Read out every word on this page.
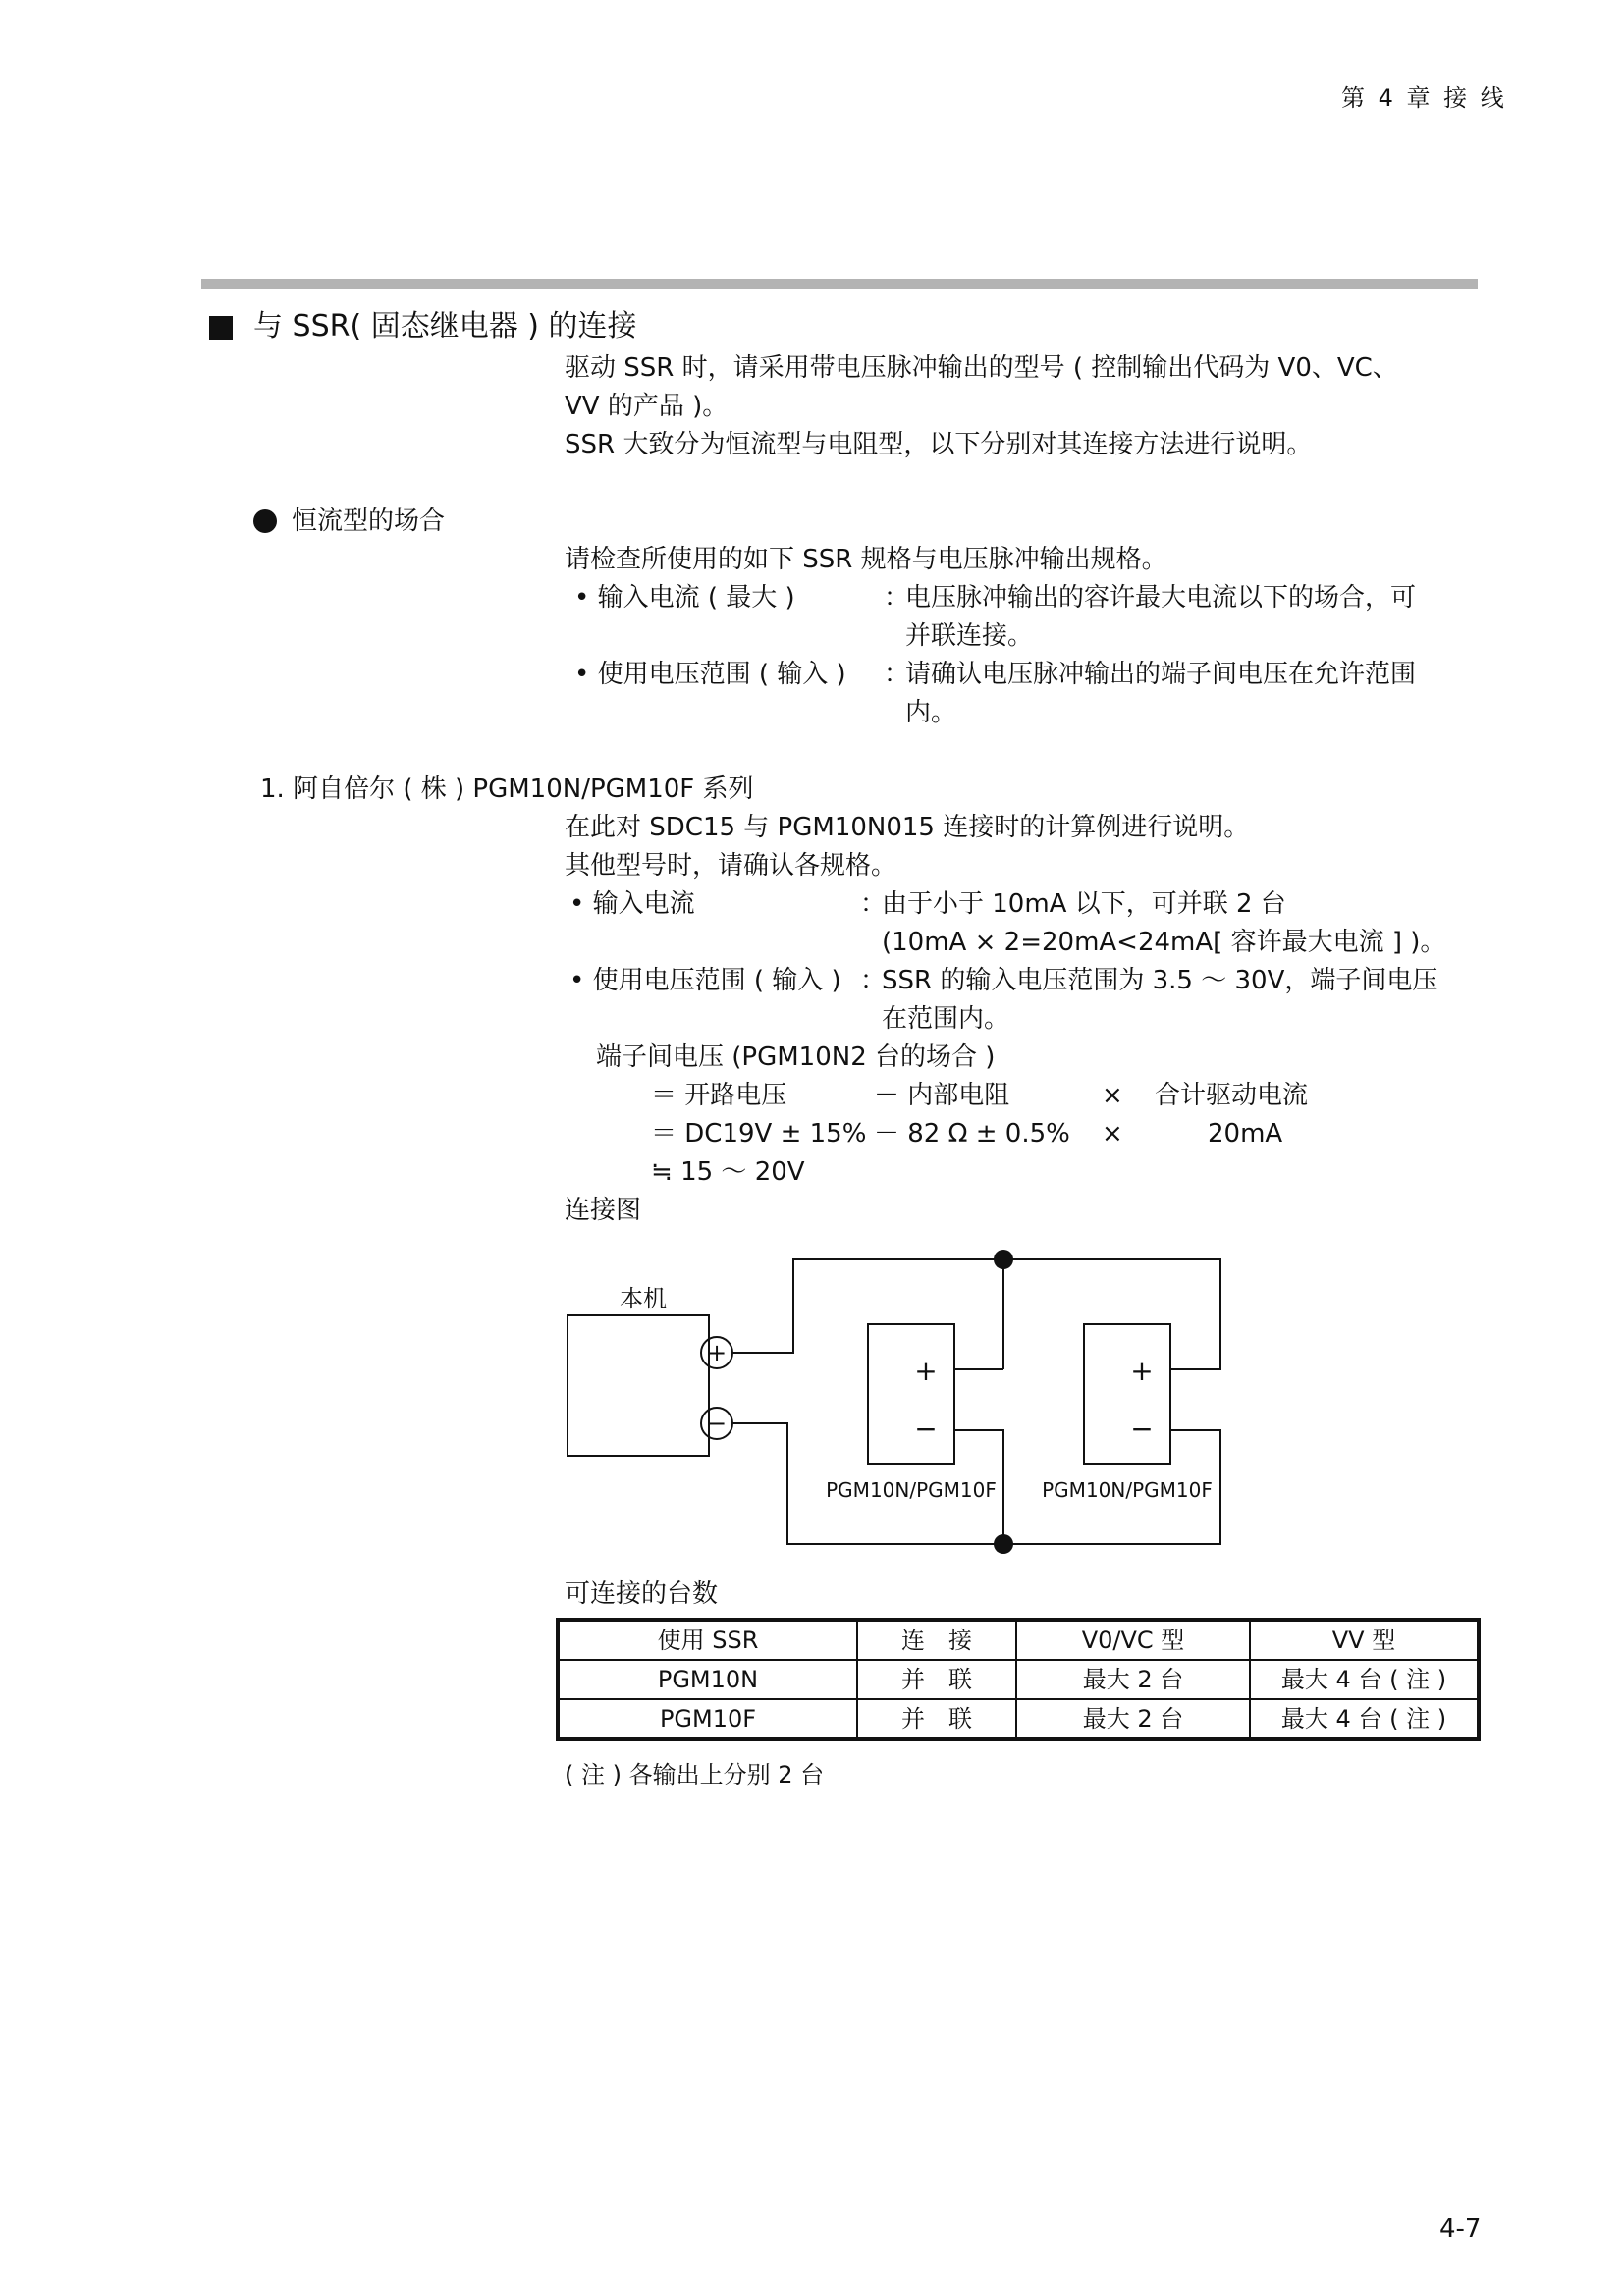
第 4 章 接 线
与 SSR( 固态继电器 ) 的连接
驱动 SSR 时，请采用带电压脉冲输出的型号 ( 控制输出代码为 V0、VC、
VV 的产品 )。
SSR 大致分为恒流型与电阻型，以下分别对其连接方法进行说明。
恒流型的场合
请检查所使用的如下 SSR 规格与电压脉冲输出规格。
• 输入电流 ( 最大 )	：
电压脉冲输出的容许最大电流以下的场合，可
并联连接。
• 使用电压范围 ( 输入 ) ：
请确认电压脉冲输出的端子间电压在允许范围
内。
1. 阿自倍尔 ( 株 ) PGM10N/PGM10F 系列
在此对 SDC15 与 PGM10N015 连接时的计算例进行说明。
其他型号时，请确认各规格。
• 输入电流	：
由于小于 10mA 以下，可并联 2 台
(10mA × 2=20mA<24mA[ 容许最大电流 ] )。
• 使用电压范围 ( 输入 ) ：
SSR 的输入电压范围为 3.5 ～ 30V，端子间电压
在范围内。
端子间电压 (PGM10N2 台的场合 )
＝ 开路电压	－ 内部电阻	× 合计驱动电流
＝ DC19V ± 15% － 82 Ω ± 0.5% ×	20mA
≒ 15 ～ 20V
连接图
本机
+
−
+
−
+
−
PGM10N/PGM10F PGM10N/PGM10F
可连接的台数
使用 SSR	连　接	V0/VC 型	VV 型
PGM10N	并　联	最大 2 台	最大 4 台 ( 注 )
PGM10F	并　联	最大 2 台	最大 4 台 ( 注 )
( 注 ) 各输出上分别 2 台
4-7
